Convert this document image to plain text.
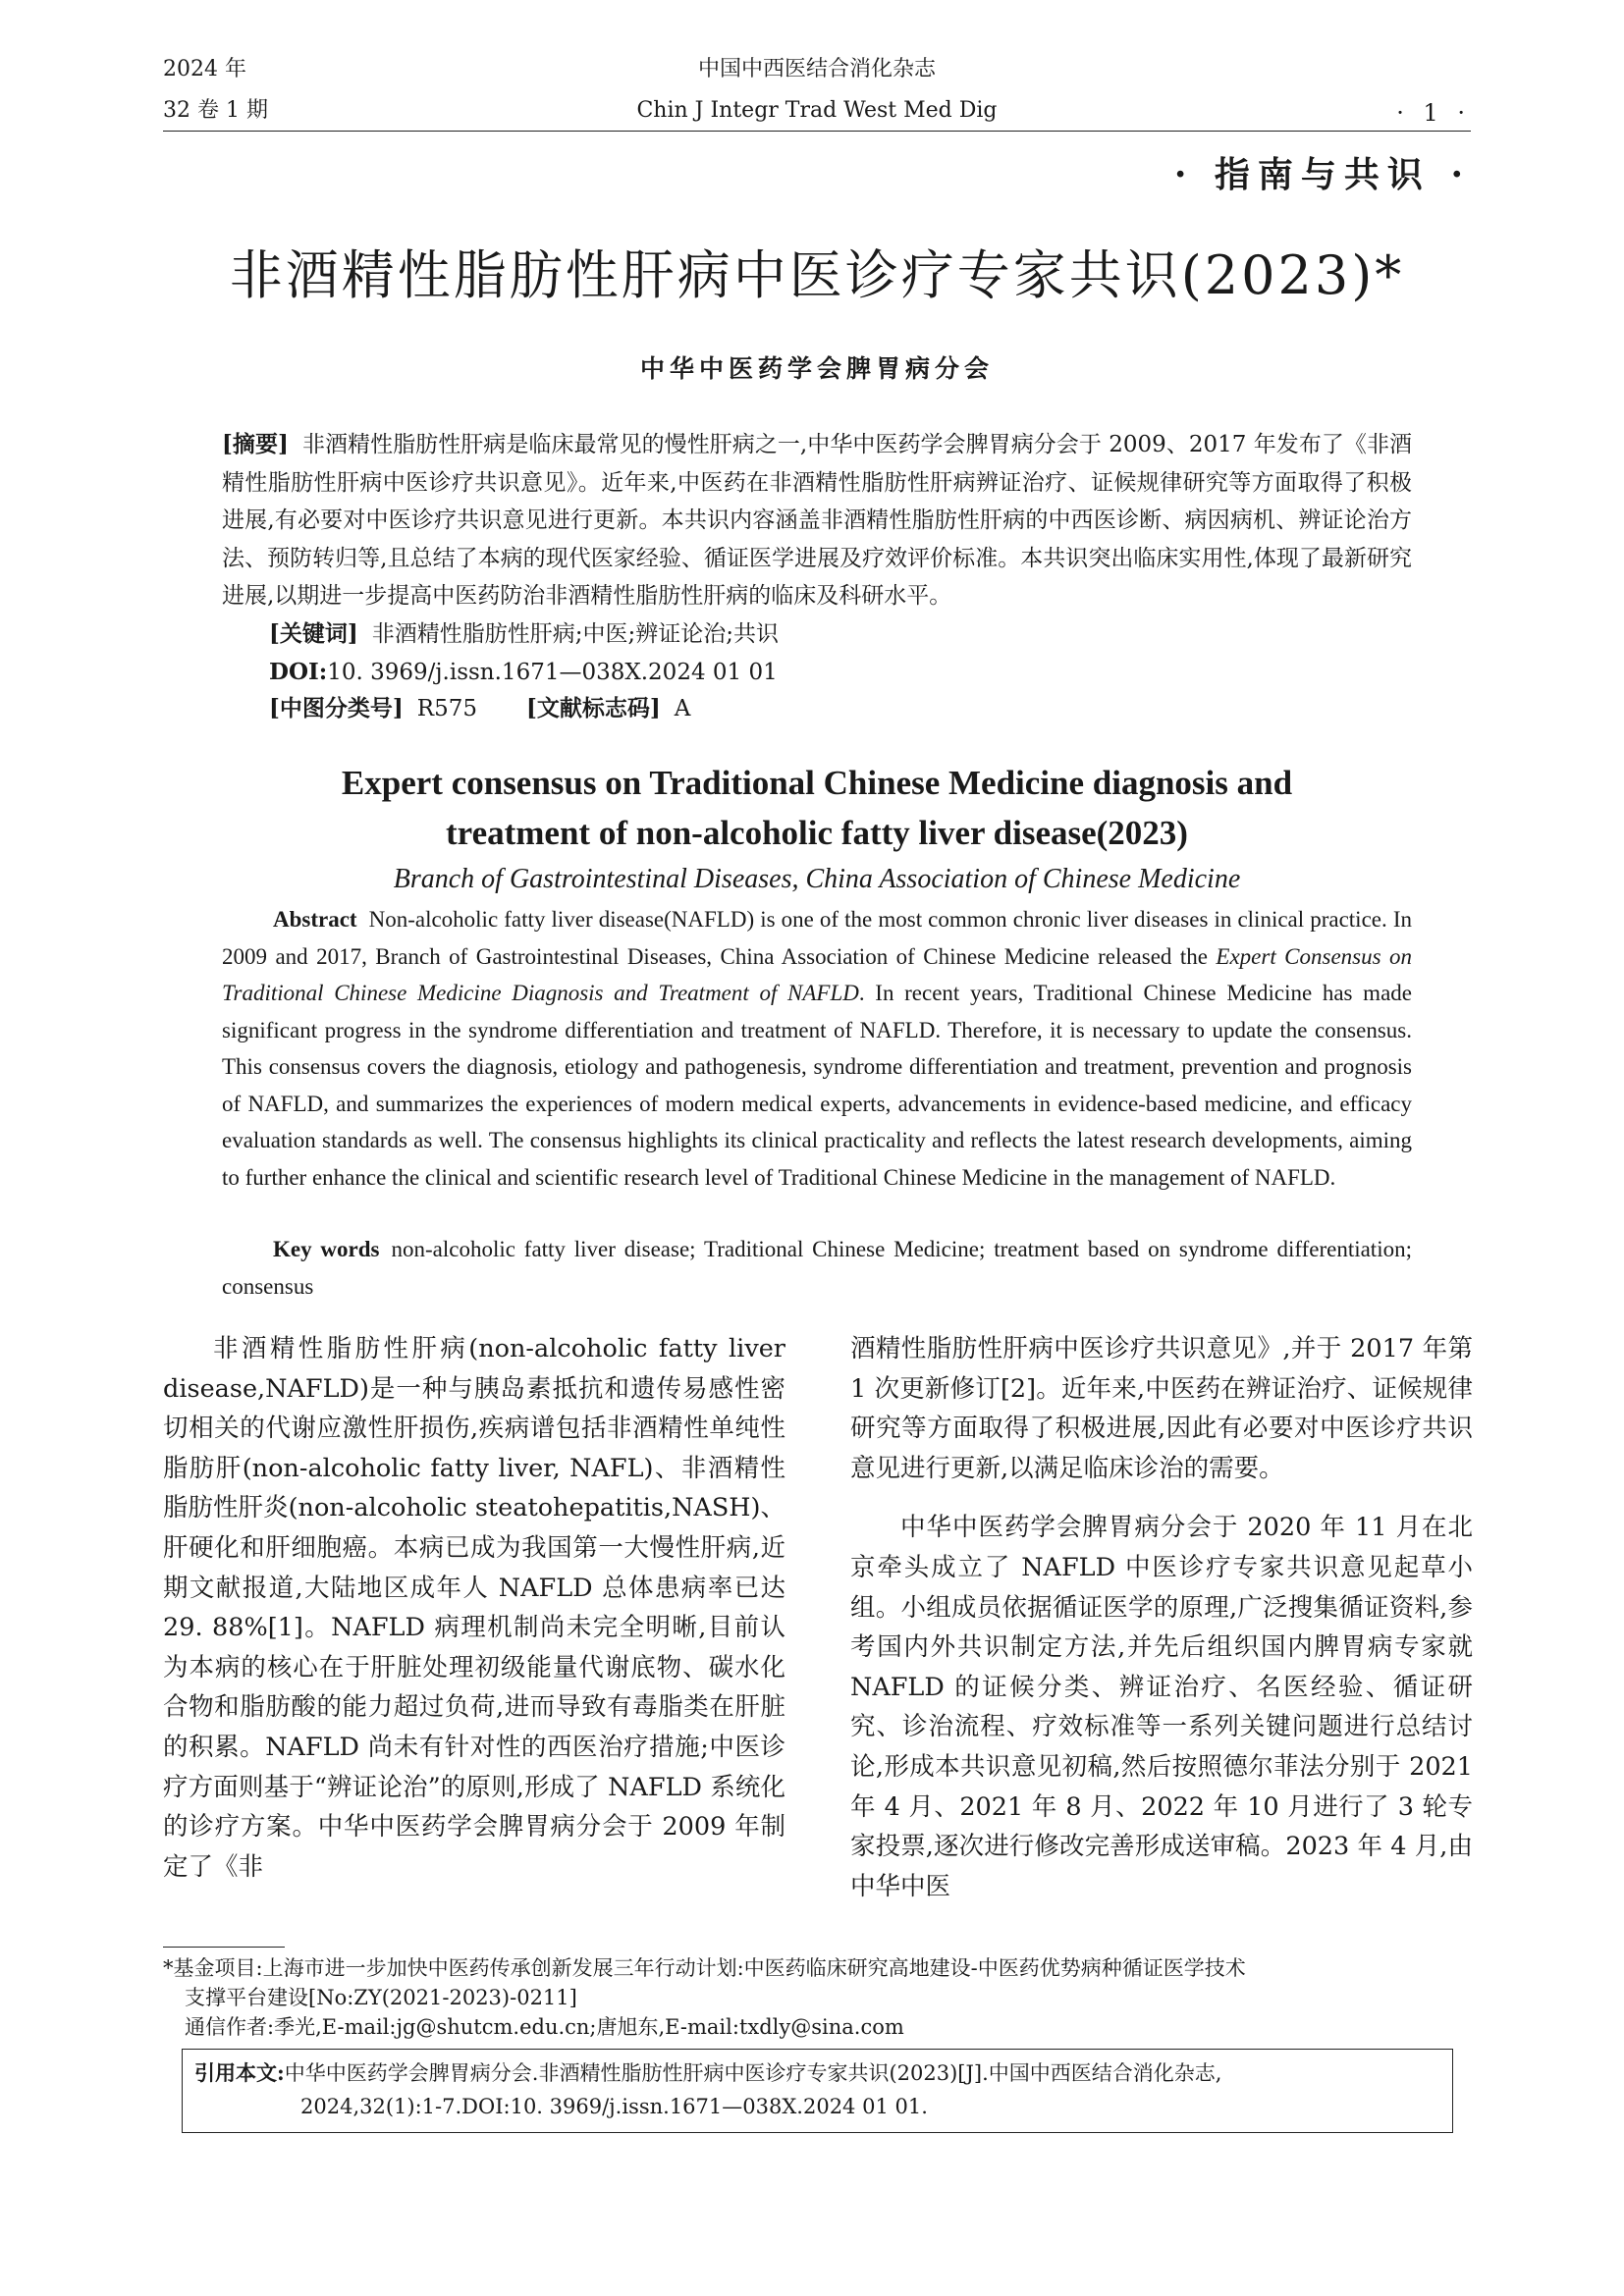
2024 年
32 卷 1 期
中国中西医结合消化杂志
Chin J Integr Trad West Med Dig	· 1 ·
· 指南与共识 ·
非酒精性脂肪性肝病中医诊疗专家共识(2023)*
中华中医药学会脾胃病分会
[摘要] 非酒精性脂肪性肝病是临床最常见的慢性肝病之一,中华中医药学会脾胃病分会于 2009、2017 年发布了《非酒精性脂肪性肝病中医诊疗共识意见》。近年来,中医药在非酒精性脂肪性肝病辨证治疗、证候规律研究等方面取得了积极进展,有必要对中医诊疗共识意见进行更新。本共识内容涵盖非酒精性脂肪性肝病的中西医诊断、病因病机、辨证论治方法、预防转归等,且总结了本病的现代医家经验、循证医学进展及疗效评价标准。本共识突出临床实用性,体现了最新研究进展,以期进一步提高中医药防治非酒精性脂肪性肝病的临床及科研水平。
[关键词] 非酒精性脂肪性肝病;中医;辨证论治;共识
DOI:10. 3969/j.issn.1671—038X.2024 01 01
[中图分类号] R575 [文献标志码] A
Expert consensus on Traditional Chinese Medicine diagnosis and
treatment of non-alcoholic fatty liver disease(2023)
Branch of Gastrointestinal Diseases, China Association of Chinese Medicine
Abstract Non-alcoholic fatty liver disease(NAFLD) is one of the most common chronic liver diseases in clinical practice. In 2009 and 2017, Branch of Gastrointestinal Diseases, China Association of Chinese Medicine released the Expert Consensus on Traditional Chinese Medicine Diagnosis and Treatment of NAFLD. In recent years, Traditional Chinese Medicine has made significant progress in the syndrome differentiation and treatment of NAFLD. Therefore, it is necessary to update the consensus. This consensus covers the diagnosis, etiology and pathogenesis, syndrome differentiation and treatment, prevention and prognosis of NAFLD, and summarizes the experiences of modern medical experts, advancements in evidence-based medicine, and efficacy evaluation standards as well. The consensus highlights its clinical practicality and reflects the latest research developments, aiming to further enhance the clinical and scientific research level of Traditional Chinese Medicine in the management of NAFLD.
Key words non-alcoholic fatty liver disease; Traditional Chinese Medicine; treatment based on syndrome differentiation; consensus

非酒精性脂肪性肝病(non-alcoholic fatty liver disease,NAFLD)是一种与胰岛素抵抗和遗传易感性密切相关的代谢应激性肝损伤,疾病谱包括非酒精性单纯性脂肪肝(non-alcoholic fatty liver, NAFL)、非酒精性脂肪性肝炎(non-alcoholic steatohepatitis,NASH)、肝硬化和肝细胞癌。本病已成为我国第一大慢性肝病,近期文献报道,大陆地区成年人 NAFLD 总体患病率已达 29. 88%[1]。NAFLD 病理机制尚未完全明晰,目前认为本病的核心在于肝脏处理初级能量代谢底物、碳水化合物和脂肪酸的能力超过负荷,进而导致有毒脂类在肝脏的积累。NAFLD 尚未有针对性的西医治疗措施;中医诊疗方面则基于“辨证论治”的原则,形成了 NAFLD 系统化的诊疗方案。中华中医药学会脾胃病分会于 2009 年制定了《非

酒精性脂肪性肝病中医诊疗共识意见》,并于 2017 年第 1 次更新修订[2]。近年来,中医药在辨证治疗、证候规律研究等方面取得了积极进展,因此有必要对中医诊疗共识意见进行更新,以满足临床诊治的需要。

中华中医药学会脾胃病分会于 2020 年 11 月在北京牵头成立了 NAFLD 中医诊疗专家共识意见起草小组。小组成员依据循证医学的原理,广泛搜集循证资料,参考国内外共识制定方法,并先后组织国内脾胃病专家就 NAFLD 的证候分类、辨证治疗、名医经验、循证研究、诊治流程、疗效标准等一系列关键问题进行总结讨论,形成本共识意见初稿,然后按照德尔菲法分别于 2021 年 4 月、2021 年 8 月、2022 年 10 月进行了 3 轮专家投票,逐次进行修改完善形成送审稿。2023 年 4 月,由中华中医

*基金项目:上海市进一步加快中医药传承创新发展三年行动计划:中医药临床研究高地建设-中医药优势病种循证医学技术

支撑平台建设[No:ZY(2021-2023)-0211]

通信作者:季光,E-mail:jg@shutcm.edu.cn;唐旭东,E-mail:txdly@sina.com

引用本文:中华中医药学会脾胃病分会.非酒精性脂肪性肝病中医诊疗专家共识(2023)[J].中国中西医结合消化杂志,
2024,32(1):1-7.DOI:10. 3969/j.issn.1671—038X.2024 01 01.
